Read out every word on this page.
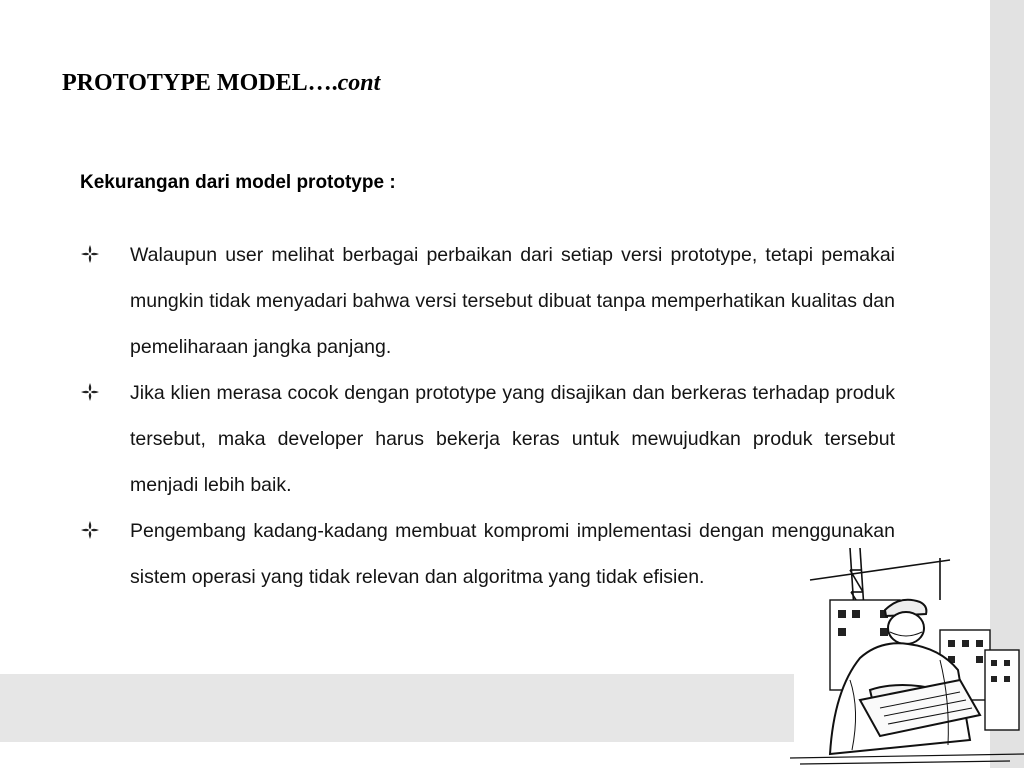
PROTOTYPE MODEL….cont

Kekurangan dari model prototype :

Walaupun user melihat berbagai perbaikan dari setiap versi prototype, tetapi pemakai mungkin tidak menyadari bahwa versi tersebut dibuat tanpa memperhatikan kualitas dan pemeliharaan jangka panjang.
Jika klien merasa cocok dengan prototype yang disajikan dan berkeras terhadap produk tersebut, maka developer harus bekerja keras untuk mewujudkan produk tersebut menjadi lebih baik.
Pengembang kadang-kadang membuat kompromi implementasi dengan menggunakan sistem operasi yang tidak relevan dan algoritma yang tidak efisien.
